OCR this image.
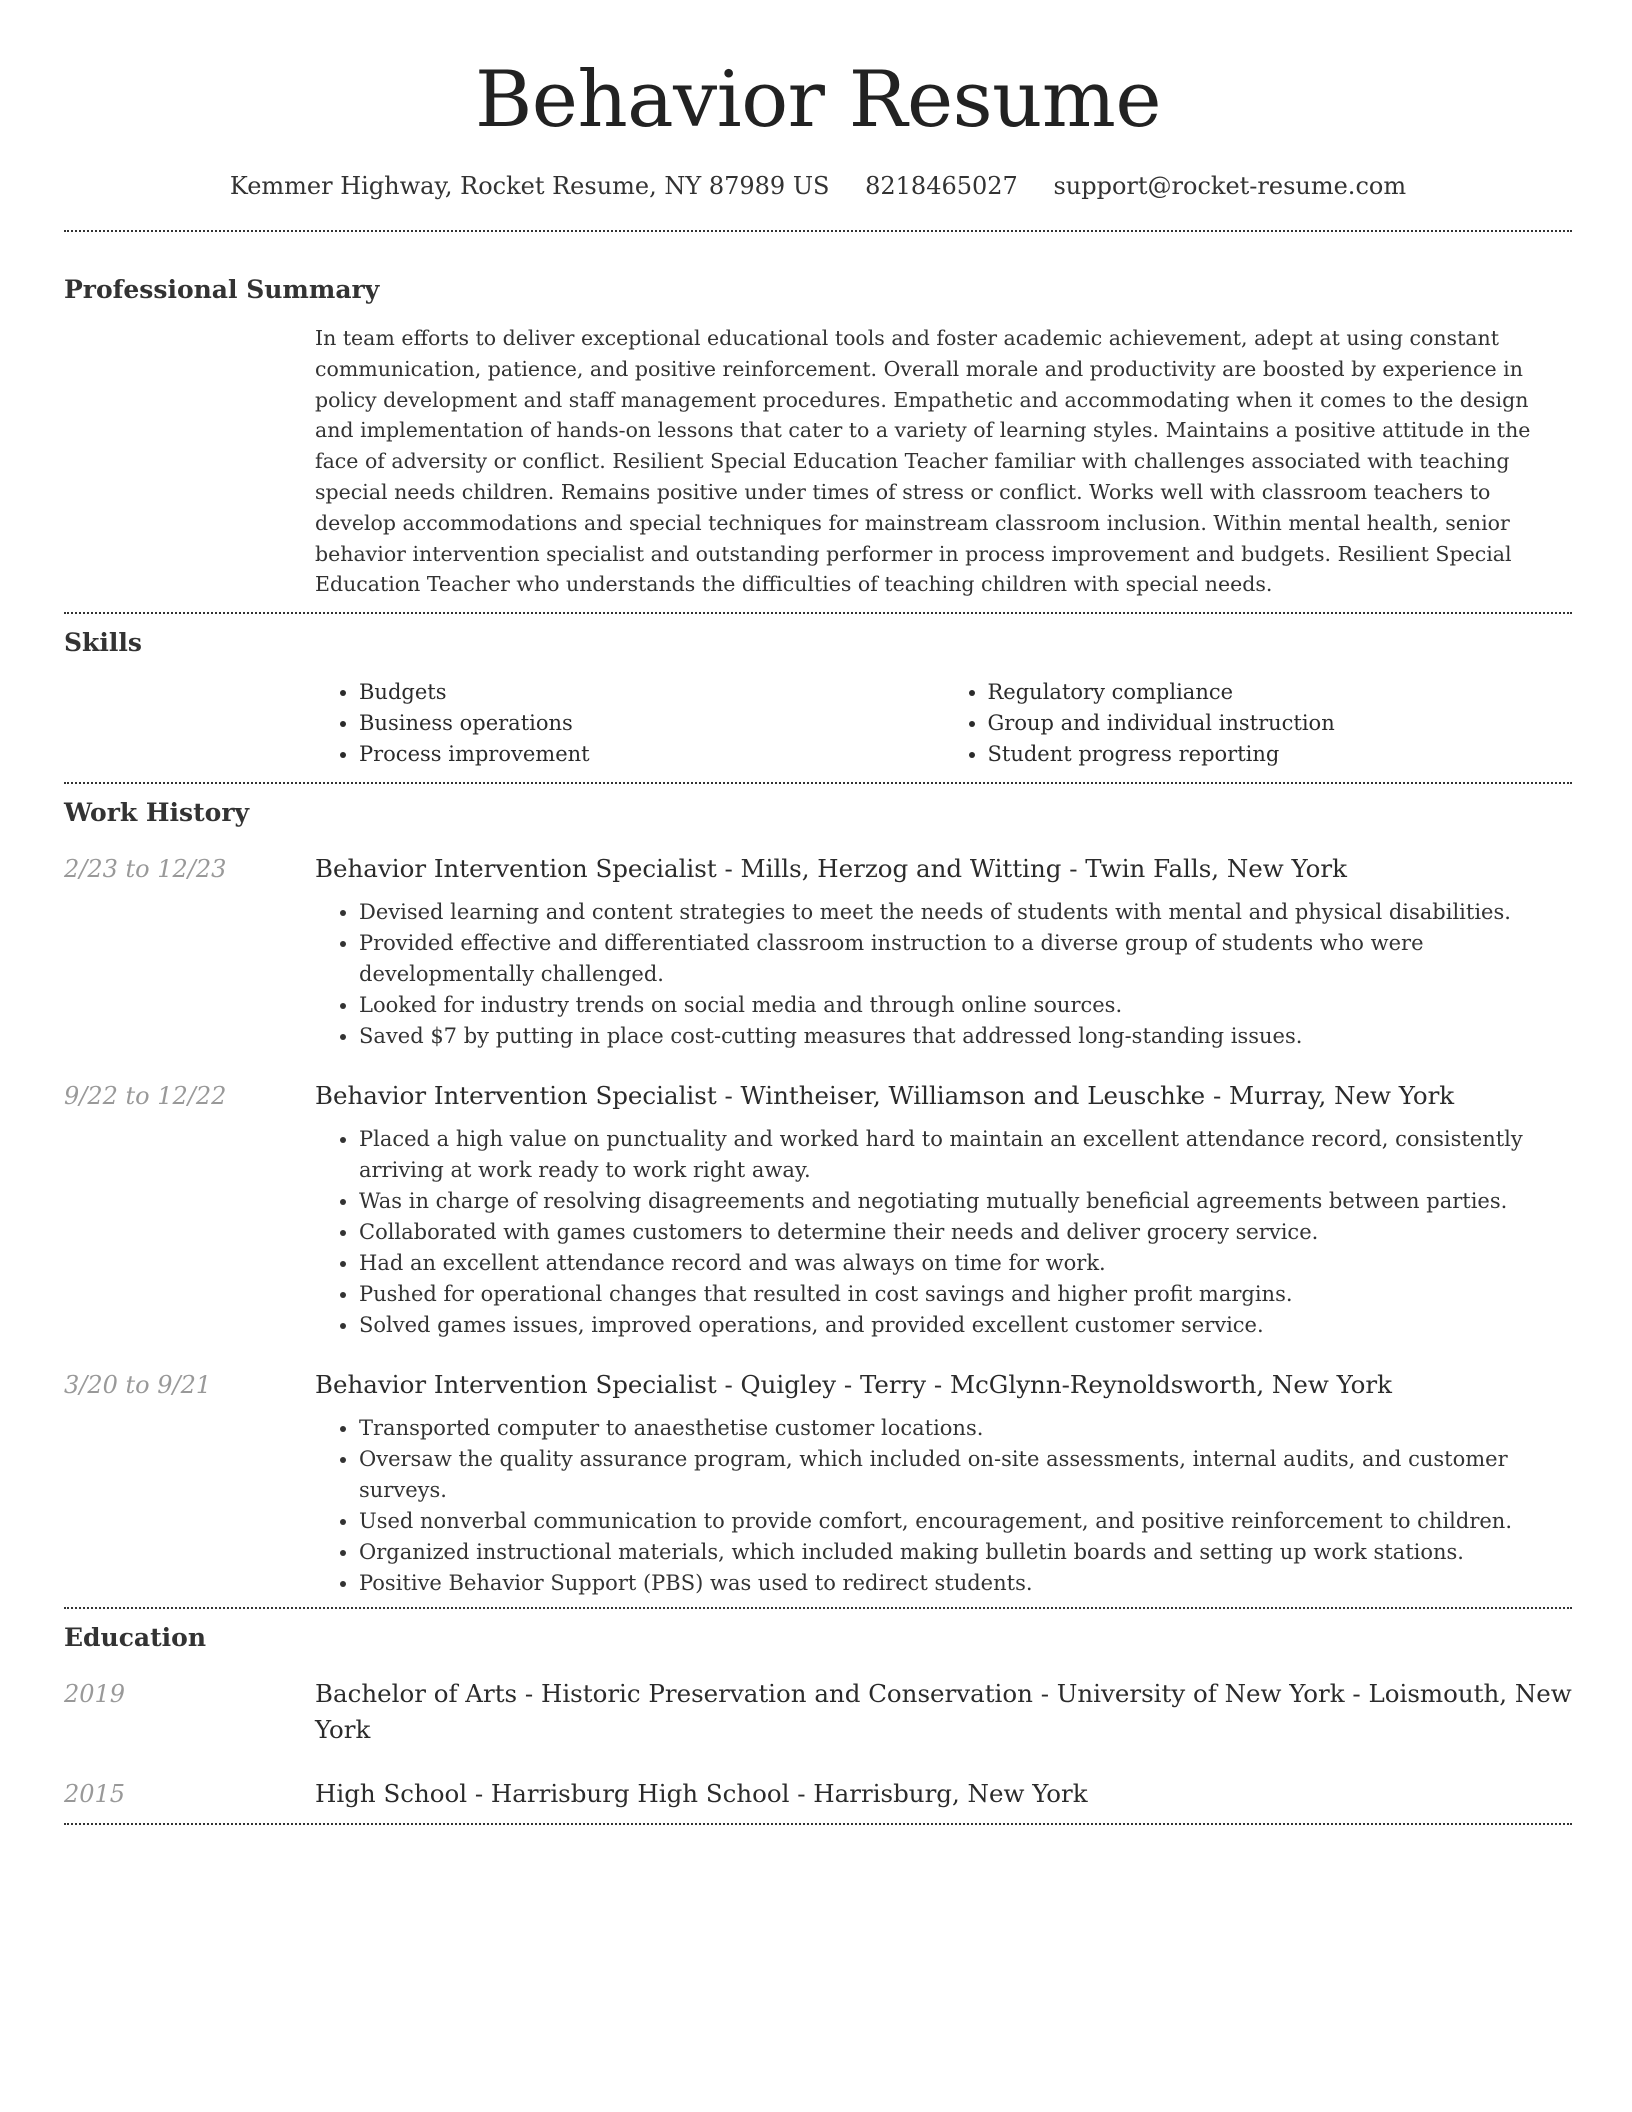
Behavior Resume
Kemmer Highway, Rocket Resume, NY 87989 US 8218465027 support@rocket-resume.com
Professional Summary

In team efforts to deliver exceptional educational tools and foster academic achievement, adept at using constant communication, patience, and positive reinforcement. Overall morale and productivity are boosted by experience in policy development and staff management procedures. Empathetic and accommodating when it comes to the design and implementation of hands-on lessons that cater to a variety of learning styles. Maintains a positive attitude in the face of adversity or conflict. Resilient Special Education Teacher familiar with challenges associated with teaching special needs children. Remains positive under times of stress or conflict. Works well with classroom teachers to develop accommodations and special techniques for mainstream classroom inclusion. Within mental health, senior behavior intervention specialist and outstanding performer in process improvement and budgets. Resilient Special Education Teacher who understands the difficulties of teaching children with special needs.

Skills
• Budgets
• Business operations
• Process improvement
• Regulatory compliance
• Group and individual instruction
• Student progress reporting
Work History
2/23 to 12/23	Behavior Intervention Specialist - Mills, Herzog and Witting - Twin Falls, New York
• Devised learning and content strategies to meet the needs of students with mental and physical disabilities.
• Provided effective and differentiated classroom instruction to a diverse group of students who were developmentally challenged.
• Looked for industry trends on social media and through online sources.
• Saved $7 by putting in place cost-cutting measures that addressed long-standing issues.
9/22 to 12/22	Behavior Intervention Specialist - Wintheiser, Williamson and Leuschke - Murray, New York
• Placed a high value on punctuality and worked hard to maintain an excellent attendance record, consistently arriving at work ready to work right away.
• Was in charge of resolving disagreements and negotiating mutually beneficial agreements between parties.
• Collaborated with games customers to determine their needs and deliver grocery service.
• Had an excellent attendance record and was always on time for work.
• Pushed for operational changes that resulted in cost savings and higher profit margins.
• Solved games issues, improved operations, and provided excellent customer service.
3/20 to 9/21	Behavior Intervention Specialist - Quigley - Terry - McGlynn-Reynoldsworth, New York
• Transported computer to anaesthetise customer locations.
• Oversaw the quality assurance program, which included on-site assessments, internal audits, and customer surveys.
• Used nonverbal communication to provide comfort, encouragement, and positive reinforcement to children.
• Organized instructional materials, which included making bulletin boards and setting up work stations.
• Positive Behavior Support (PBS) was used to redirect students.
Education
2019	Bachelor of Arts - Historic Preservation and Conservation - University of New York - Loismouth, New York
2015	High School - Harrisburg High School - Harrisburg, New York
